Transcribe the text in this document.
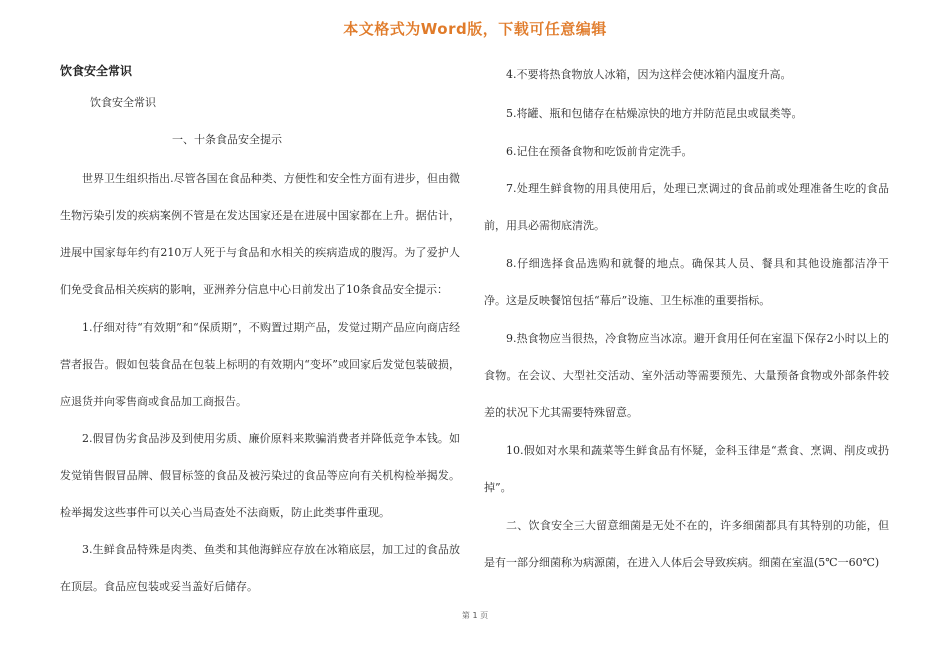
本文格式为Word版，下载可任意编辑
饮食安全常识
饮食安全常识
一、十条食品安全提示

世界卫生组织指出.尽管各国在食品种类、方便性和安全性方面有进步，但由微生物污染引发的疾病案例不管是在发达国家还是在进展中国家都在上升。据估计，进展中国家每年约有210万人死于与食品和水相关的疾病造成的腹泻。为了爱护人们免受食品相关疾病的影响，亚洲养分信息中心日前发出了10条食品安全提示：

1.仔细对待“有效期”和“保质期”，不购置过期产品，发觉过期产品应向商店经营者报告。假如包装食品在包装上标明的有效期内“变坏”或回家后发觉包装破损，应退货并向零售商或食品加工商报告。

2.假冒伪劣食品涉及到使用劣质、廉价原料来欺骗消费者并降低竞争本钱。如发觉销售假冒品牌、假冒标签的食品及被污染过的食品等应向有关机构检举揭发。检举揭发这些事件可以关心当局查处不法商贩，防止此类事件重现。

3.生鲜食品特殊是肉类、鱼类和其他海鲜应存放在冰箱底层，加工过的食品放在顶层。食品应包装或妥当盖好后储存。

4.不要将热食物放人冰箱，因为这样会使冰箱内温度升高。

5.将罐、瓶和包储存在枯燥凉快的地方并防范昆虫或鼠类等。

6.记住在预备食物和吃饭前肯定洗手。

7.处理生鲜食物的用具使用后，处理已烹调过的食品前或处理准备生吃的食品前，用具必需彻底清洗。

8.仔细选择食品选购和就餐的地点。确保其人员、餐具和其他设施都洁净干净。这是反映餐馆包括“幕后”设施、卫生标准的重要指标。

9.热食物应当很热，冷食物应当冰凉。避开食用任何在室温下保存2小时以上的食物。在会议、大型社交活动、室外活动等需要预先、大量预备食物或外部条件较差的状况下尤其需要特殊留意。

10.假如对水果和蔬菜等生鲜食品有怀疑，金科玉律是“煮食、烹调、削皮或扔掉”。

二、饮食安全三大留意细菌是无处不在的，许多细菌都具有其特别的功能，但是有一部分细菌称为病源菌，在进入人体后会导致疾病。细菌在室温(5℃一60℃)

第 1 页
